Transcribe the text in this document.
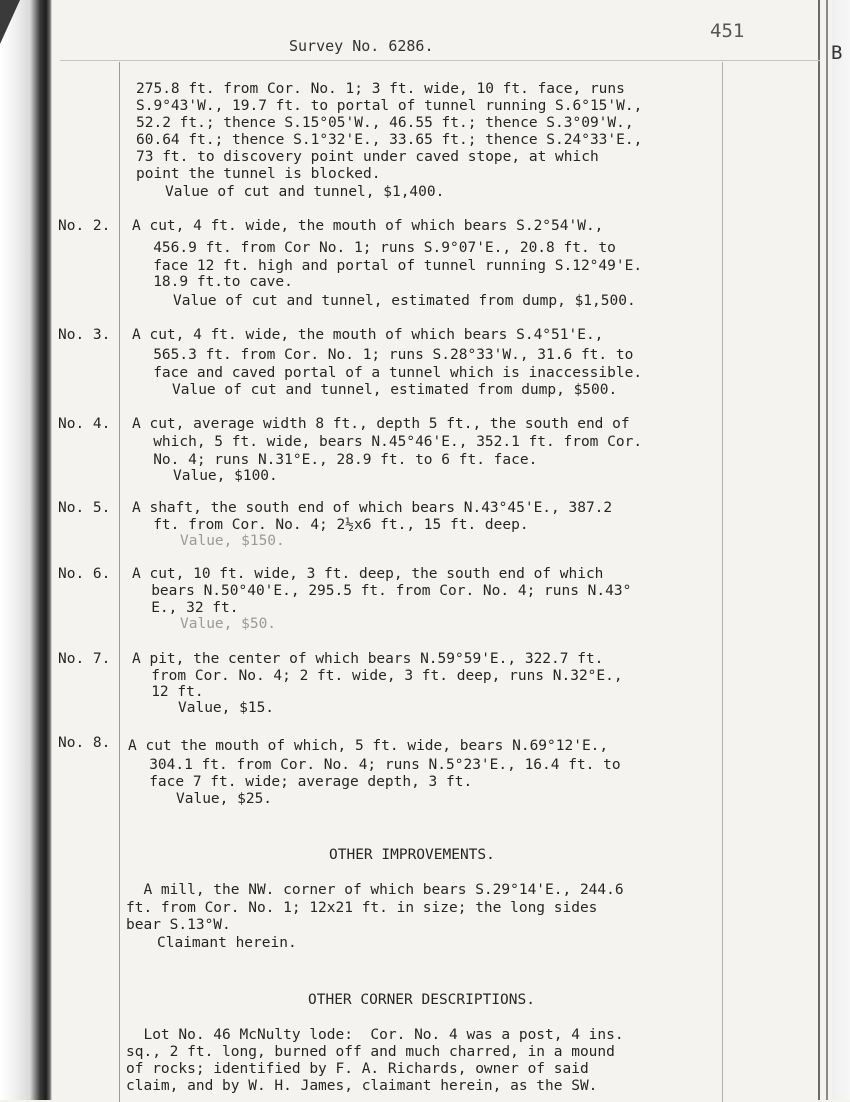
451
B
Survey No. 6286.
275.8 ft. from Cor. No. 1; 3 ft. wide, 10 ft. face, runs
S.9°43'W., 19.7 ft. to portal of tunnel running S.6°15'W.,
52.2 ft.; thence S.15°05'W., 46.55 ft.; thence S.3°09'W.,
60.64 ft.; thence S.1°32'E., 33.65 ft.; thence S.24°33'E.,
73 ft. to discovery point under caved stope, at which
point the tunnel is blocked.
Value of cut and tunnel, $1,400.
No. 2. A cut, 4 ft. wide, the mouth of which bears S.2°54'W.,
456.9 ft. from Cor No. 1; runs S.9°07'E., 20.8 ft. to
face 12 ft. high and portal of tunnel running S.12°49'E.
18.9 ft.to cave.
Value of cut and tunnel, estimated from dump, $1,500.
No. 3. A cut, 4 ft. wide, the mouth of which bears S.4°51'E.,
565.3 ft. from Cor. No. 1; runs S.28°33'W., 31.6 ft. to
face and caved portal of a tunnel which is inaccessible.
Value of cut and tunnel, estimated from dump, $500.
No. 4. A cut, average width 8 ft., depth 5 ft., the south end of
which, 5 ft. wide, bears N.45°46'E., 352.1 ft. from Cor.
No. 4; runs N.31°E., 28.9 ft. to 6 ft. face.
Value, $100.
No. 5. A shaft, the south end of which bears N.43°45'E., 387.2
ft. from Cor. No. 4; 2½x6 ft., 15 ft. deep.
Value, $150.
No. 6. A cut, 10 ft. wide, 3 ft. deep, the south end of which
bears N.50°40'E., 295.5 ft. from Cor. No. 4; runs N.43°
E., 32 ft.
Value, $50.
No. 7. A pit, the center of which bears N.59°59'E., 322.7 ft.
from Cor. No. 4; 2 ft. wide, 3 ft. deep, runs N.32°E.,
12 ft.
Value, $15.
No. 8. A cut the mouth of which, 5 ft. wide, bears N.69°12'E.,
304.1 ft. from Cor. No. 4; runs N.5°23'E., 16.4 ft. to
face 7 ft. wide; average depth, 3 ft.
Value, $25.
OTHER IMPROVEMENTS.
A mill, the NW. corner of which bears S.29°14'E., 244.6
ft. from Cor. No. 1; 12x21 ft. in size; the long sides
bear S.13°W.
Claimant herein.
OTHER CORNER DESCRIPTIONS.
Lot No. 46 McNulty lode:  Cor. No. 4 was a post, 4 ins.
sq., 2 ft. long, burned off and much charred, in a mound
of rocks; identified by F. A. Richards, owner of said
claim, and by W. H. James, claimant herein, as the SW.
